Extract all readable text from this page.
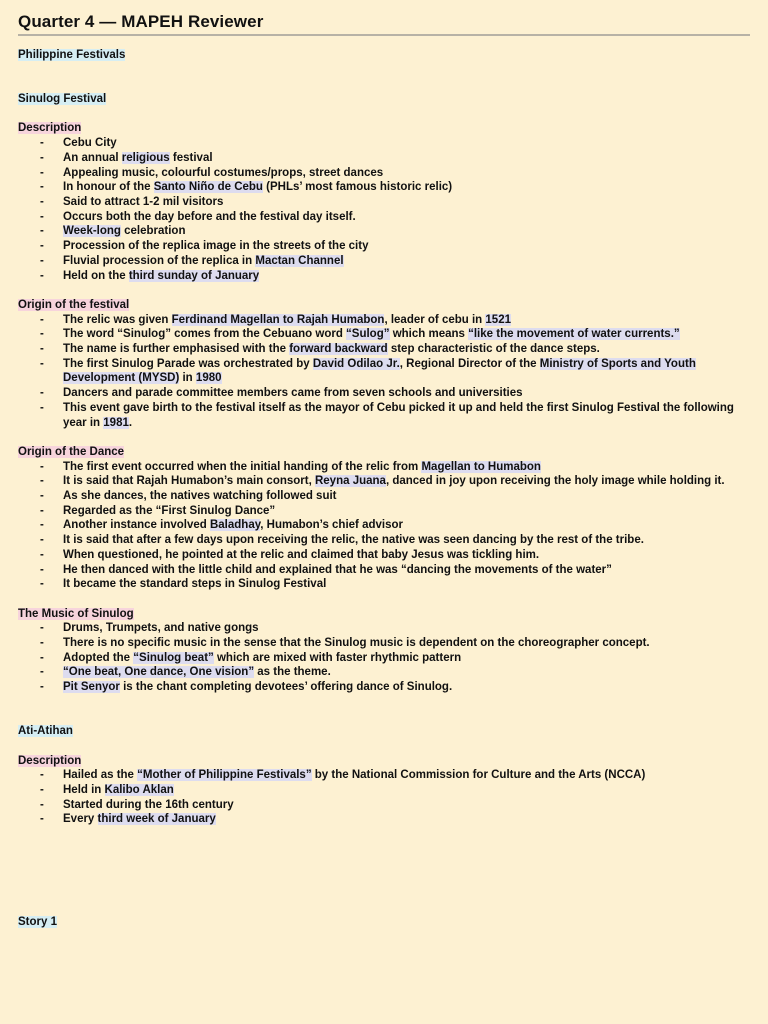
Quarter 4 — MAPEH Reviewer
Philippine Festivals
Sinulog Festival
Description
- Cebu City
- An annual religious festival
- Appealing music, colourful costumes/props, street dances
- In honour of the Santo Niño de Cebu (PHLs’ most famous historic relic)
- Said to attract 1-2 mil visitors
- Occurs both the day before and the festival day itself.
- Week-long celebration
- Procession of the replica image in the streets of the city
- Fluvial procession of the replica in Mactan Channel
- Held on the third sunday of January
Origin of the festival
- The relic was given Ferdinand Magellan to Rajah Humabon, leader of cebu in 1521
- The word “Sinulog” comes from the Cebuano word “Sulog” which means “like the movement of water currents.”
- The name is further emphasised with the forward backward step characteristic of the dance steps.
- The first Sinulog Parade was orchestrated by David Odilao Jr., Regional Director of the Ministry of Sports and Youth Development (MYSD) in 1980
- Dancers and parade committee members came from seven schools and universities
- This event gave birth to the festival itself as the mayor of Cebu picked it up and held the first Sinulog Festival the following year in 1981.
Origin of the Dance
- The first event occurred when the initial handing of the relic from Magellan to Humabon
- It is said that Rajah Humabon’s main consort, Reyna Juana, danced in joy upon receiving the holy image while holding it.
- As she dances, the natives watching followed suit
- Regarded as the “First Sinulog Dance”
- Another instance involved Baladhay, Humabon’s chief advisor
- It is said that after a few days upon receiving the relic, the native was seen dancing by the rest of the tribe.
- When questioned, he pointed at the relic and claimed that baby Jesus was tickling him.
- He then danced with the little child and explained that he was “dancing the movements of the water”
- It became the standard steps in Sinulog Festival
The Music of Sinulog
- Drums, Trumpets, and native gongs
- There is no specific music in the sense that the Sinulog music is dependent on the choreographer concept.
- Adopted the “Sinulog beat” which are mixed with faster rhythmic pattern
- “One beat, One dance, One vision” as the theme.
- Pit Senyor is the chant completing devotees’ offering dance of Sinulog.
Ati-Atihan
Description
- Hailed as the “Mother of Philippine Festivals” by the National Commission for Culture and the Arts (NCCA)
- Held in Kalibo Aklan
- Started during the 16th century
- Every third week of January
Story 1
